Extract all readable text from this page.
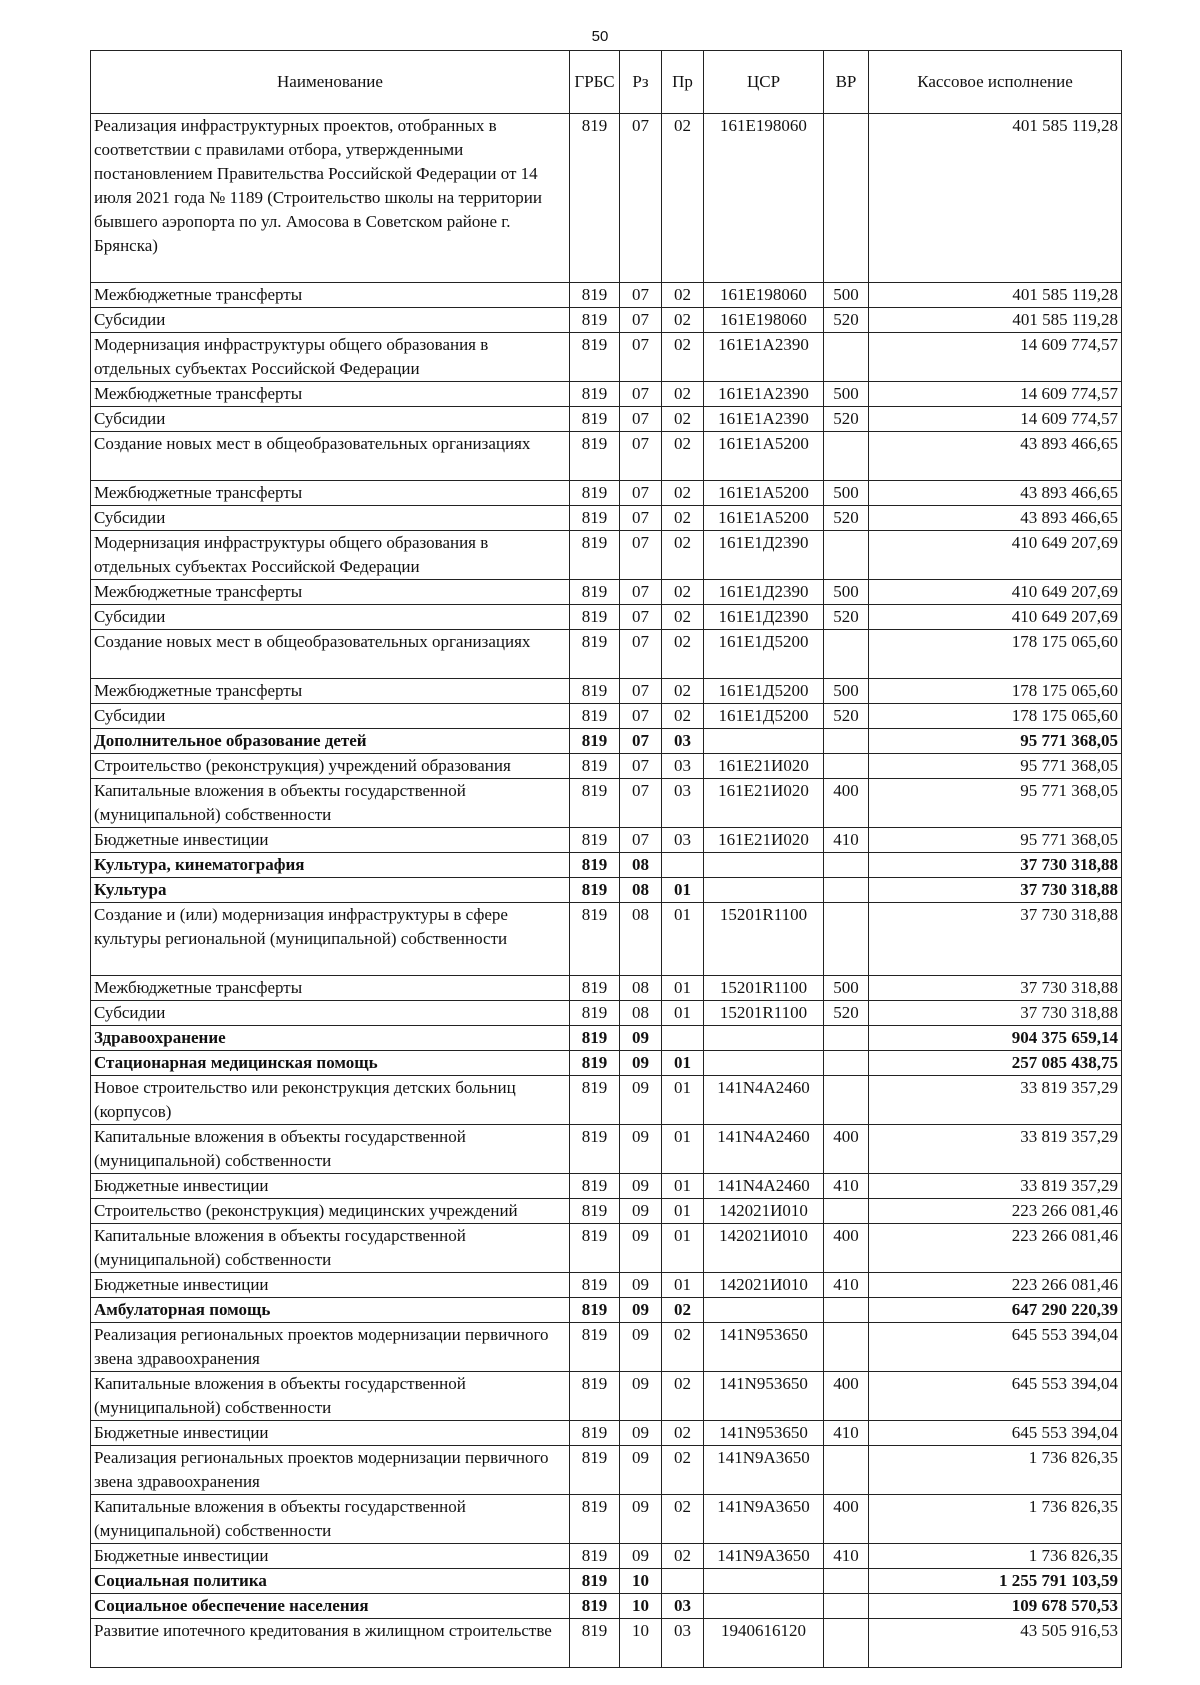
50
Наименование	ГРБС	Рз	Пр	ЦСР	ВР	Кассовое исполнение
Реализация инфраструктурных проектов, отобранных в соответствии с правилами отбора, утвержденными постановлением Правительства Российской Федерации от 14 июля 2021 года № 1189 (Строительство школы на территории бывшего аэропорта по ул. Амосова в Советском районе г. Брянска)	819	07	02	161E198060		401 585 119,28
Межбюджетные трансферты	819	07	02	161E198060	500	401 585 119,28
Субсидии	819	07	02	161E198060	520	401 585 119,28
Модернизация инфраструктуры общего образования в отдельных субъектах Российской Федерации	819	07	02	161E1A2390		14 609 774,57
Межбюджетные трансферты	819	07	02	161E1A2390	500	14 609 774,57
Субсидии	819	07	02	161E1A2390	520	14 609 774,57
Создание новых мест в общеобразовательных организациях	819	07	02	161E1A5200		43 893 466,65
Межбюджетные трансферты	819	07	02	161E1A5200	500	43 893 466,65
Субсидии	819	07	02	161E1A5200	520	43 893 466,65
Модернизация инфраструктуры общего образования в отдельных субъектах Российской Федерации	819	07	02	161E1Д2390		410 649 207,69
Межбюджетные трансферты	819	07	02	161E1Д2390	500	410 649 207,69
Субсидии	819	07	02	161E1Д2390	520	410 649 207,69
Создание новых мест в общеобразовательных организациях	819	07	02	161E1Д5200		178 175 065,60
Межбюджетные трансферты	819	07	02	161E1Д5200	500	178 175 065,60
Субсидии	819	07	02	161E1Д5200	520	178 175 065,60
Дополнительное образование детей	819	07	03			95 771 368,05
Строительство (реконструкция) учреждений образования	819	07	03	161E21И020		95 771 368,05
Капитальные вложения в объекты государственной (муниципальной) собственности	819	07	03	161E21И020	400	95 771 368,05
Бюджетные инвестиции	819	07	03	161E21И020	410	95 771 368,05
Культура, кинематография	819	08				37 730 318,88
Культура	819	08	01			37 730 318,88
Создание и (или) модернизация инфраструктуры в сфере культуры региональной (муниципальной) собственности	819	08	01	15201R1100		37 730 318,88
Межбюджетные трансферты	819	08	01	15201R1100	500	37 730 318,88
Субсидии	819	08	01	15201R1100	520	37 730 318,88
Здравоохранение	819	09				904 375 659,14
Стационарная медицинская помощь	819	09	01			257 085 438,75
Новое строительство или реконструкция детских больниц (корпусов)	819	09	01	141N4A2460		33 819 357,29
Капитальные вложения в объекты государственной (муниципальной) собственности	819	09	01	141N4A2460	400	33 819 357,29
Бюджетные инвестиции	819	09	01	141N4A2460	410	33 819 357,29
Строительство (реконструкция) медицинских учреждений	819	09	01	142021И010		223 266 081,46
Капитальные вложения в объекты государственной (муниципальной) собственности	819	09	01	142021И010	400	223 266 081,46
Бюджетные инвестиции	819	09	01	142021И010	410	223 266 081,46
Амбулаторная помощь	819	09	02			647 290 220,39
Реализация региональных проектов модернизации первичного звена здравоохранения	819	09	02	141N953650		645 553 394,04
Капитальные вложения в объекты государственной (муниципальной) собственности	819	09	02	141N953650	400	645 553 394,04
Бюджетные инвестиции	819	09	02	141N953650	410	645 553 394,04
Реализация региональных проектов модернизации первичного звена здравоохранения	819	09	02	141N9A3650		1 736 826,35
Капитальные вложения в объекты государственной (муниципальной) собственности	819	09	02	141N9A3650	400	1 736 826,35
Бюджетные инвестиции	819	09	02	141N9A3650	410	1 736 826,35
Социальная политика	819	10				1 255 791 103,59
Социальное обеспечение населения	819	10	03			109 678 570,53
Развитие ипотечного кредитования в жилищном строительстве	819	10	03	1940616120		43 505 916,53
